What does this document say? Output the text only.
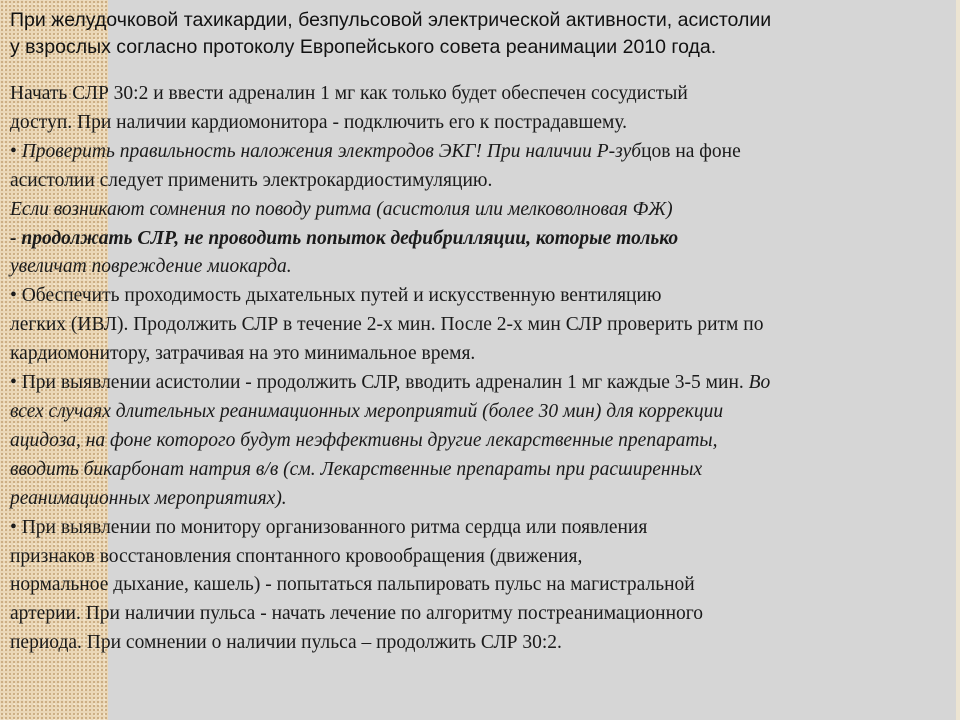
При желудочковой тахикардии, безпульсовой электрической активности, асистолии
у взрослых согласно протоколу Европейського совета реанимации 2010 года.
Начать СЛР 30:2 и ввести адреналин 1 мг как только будет обеспечен сосудистый
доступ. При наличии кардиомонитора - подключить его к пострадавшему.
• Проверить правильность наложения электродов ЭКГ! При наличии Р-зубцов на фоне
асистолии следует применить электрокардиостимуляцию.
Если возникают сомнения по поводу ритма (асистолия или мелковолновая ФЖ)
- продолжать СЛР, не проводить попыток дефибрилляции, которые только
увеличат повреждение миокарда.
• Обеспечить проходимость дыхательных путей и искусственную вентиляцию
легких (ИВЛ). Продолжить СЛР в течение 2-х мин. После 2-х мин СЛР проверить ритм по
кардиомонитору, затрачивая на это минимальное время.
• При выявлении асистолии - продолжить СЛР, вводить адреналин 1 мг каждые 3-5 мин. Во
всех случаях длительных реанимационных мероприятий (более 30 мин) для коррекции
ацидоза, на фоне которого будут неэффективны другие лекарственные препараты,
вводить бикарбонат натрия в/в (см. Лекарственные препараты при расширенных
реанимационных мероприятиях).
• При выявлении по монитору организованного ритма сердца или появления
признаков восстановления спонтанного кровообращения (движения,
нормальное дыхание, кашель) - попытаться пальпировать пульс на магистральной
артерии. При наличии пульса - начать лечение по алгоритму постреанимационного
периода. При сомнении о наличии пульса – продолжить СЛР 30:2.
